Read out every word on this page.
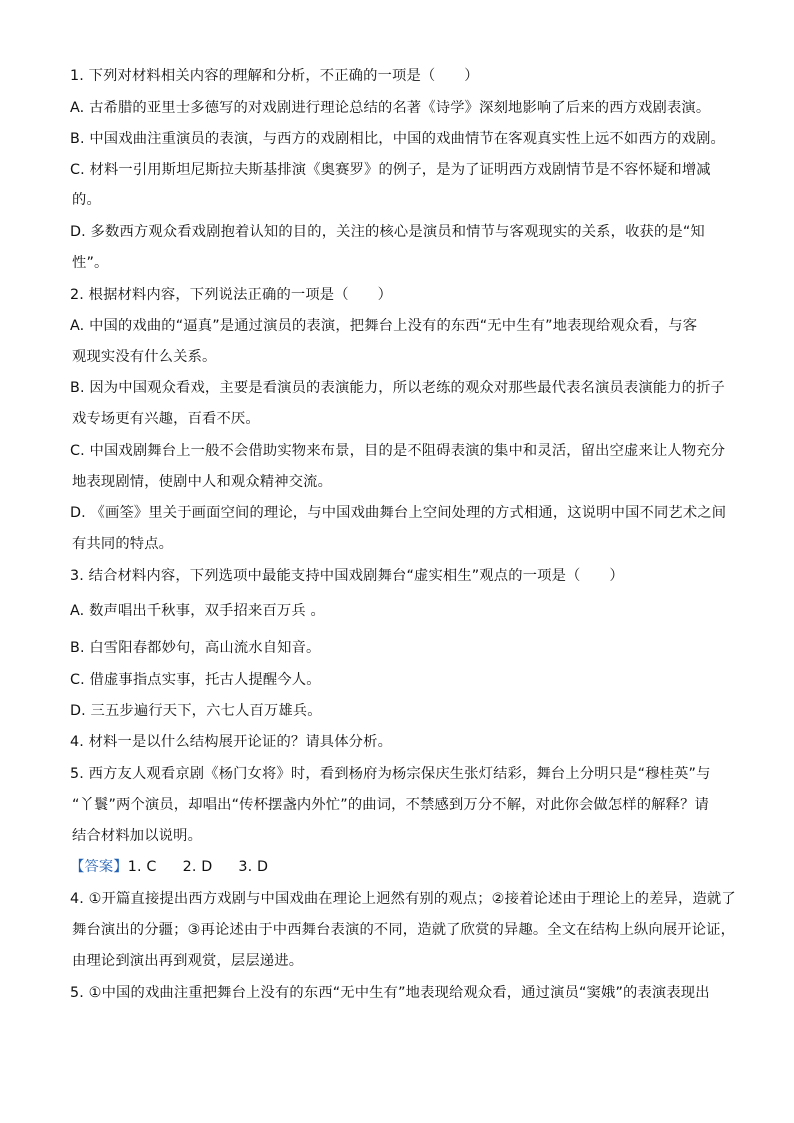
1. 下列对材料相关内容的理解和分析，不正确的一项是（　　）
A. 古希腊的亚里士多德写的对戏剧进行理论总结的名著《诗学》深刻地影响了后来的西方戏剧表演。
B. 中国戏曲注重演员的表演，与西方的戏剧相比，中国的戏曲情节在客观真实性上远不如西方的戏剧。
C. 材料一引用斯坦尼斯拉夫斯基排演《奥赛罗》的例子，是为了证明西方戏剧情节是不容怀疑和增减
的。
D. 多数西方观众看戏剧抱着认知的目的，关注的核心是演员和情节与客观现实的关系，收获的是“知
性”。
2. 根据材料内容，下列说法正确的一项是（　　）
A. 中国的戏曲的“逼真”是通过演员的表演，把舞台上没有的东西“无中生有”地表现给观众看，与客
观现实没有什么关系。
B. 因为中国观众看戏，主要是看演员的表演能力，所以老练的观众对那些最代表名演员表演能力的折子
戏专场更有兴趣，百看不厌。
C. 中国戏剧舞台上一般不会借助实物来布景，目的是不阻碍表演的集中和灵活，留出空虚来让人物充分
地表现剧情，使剧中人和观众精神交流。
D. 《画筌》里关于画面空间的理论，与中国戏曲舞台上空间处理的方式相通，这说明中国不同艺术之间
有共同的特点。
3. 结合材料内容，下列选项中最能支持中国戏剧舞台“虚实相生”观点的一项是（　　）
A. 数声唱出千秋事，双手招来百万兵 。
B. 白雪阳春都妙句，高山流水自知音。
C. 借虚事指点实事，托古人提醒今人。
D. 三五步遍行天下，六七人百万雄兵。
4. 材料一是以什么结构展开论证的？请具体分析。
5. 西方友人观看京剧《杨门女将》时，看到杨府为杨宗保庆生张灯结彩，舞台上分明只是“穆桂英”与
“丫鬟”两个演员，却唱出“传杯摆盏内外忙”的曲词，不禁感到万分不解，对此你会做怎样的解释？请
结合材料加以说明。
【答案】1. C 2. D 3. D
4. ①开篇直接提出西方戏剧与中国戏曲在理论上迥然有别的观点；②接着论述由于理论上的差异，造就了
舞台演出的分疆；③再论述由于中西舞台表演的不同，造就了欣赏的异趣。全文在结构上纵向展开论证，
由理论到演出再到观赏，层层递进。
5. ①中国的戏曲注重把舞台上没有的东西“无中生有”地表现给观众看，通过演员“窦娥”的表演表现出
